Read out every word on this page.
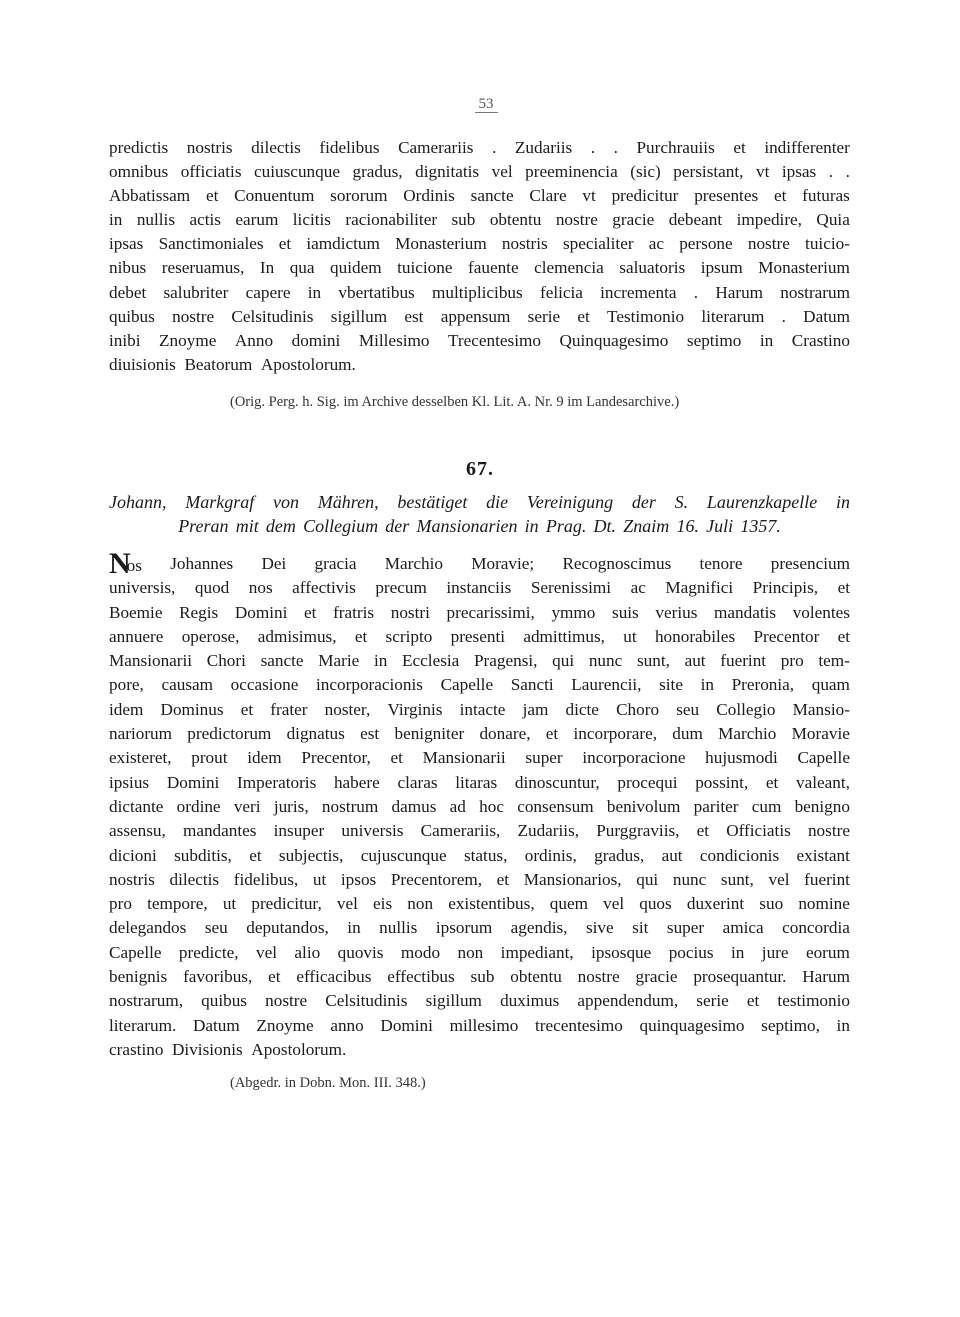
53
predictis nostris dilectis fidelibus Camerariis . Zudariis . . Purchrauiis et indifferenter
omnibus officiatis cuiuscunque gradus, dignitatis vel preeminencia (sic) persistant, vt ipsas . .
Abbatissam et Conuentum sororum Ordinis sancte Clare vt predicitur presentes et futuras
in nullis actis earum licitis racionabiliter sub obtentu nostre gracie debeant impedire, Quia
ipsas Sanctimoniales et iamdictum Monasterium nostris specialiter ac persone nostre tuicio-
nibus reseruamus, In qua quidem tuicione fauente clemencia saluatoris ipsum Monasterium
debet salubriter capere in vbertatibus multiplicibus felicia incrementa . Harum nostrarum
quibus nostre Celsitudinis sigillum est appensum serie et Testimonio literarum . Datum
inibi Znoyme Anno domini Millesimo Trecentesimo Quinquagesimo septimo in Crastino
diuisionis Beatorum Apostolorum.
(Orig. Perg. h. Sig. im Archive desselben Kl. Lit. A. Nr. 9 im Landesarchive.)
67.
Johann, Markgraf von Mähren, bestätiget die Vereinigung der S. Laurenzkapelle in
Preran mit dem Collegium der Mansionarien in Prag. Dt. Znaim 16. Juli 1357.
N
os Johannes Dei gracia Marchio Moravie; Recognoscimus tenore presencium
universis, quod nos affectivis precum instanciis Serenissimi ac Magnifici Principis, et
Boemie Regis Domini et fratris nostri precarissimi, ymmo suis verius mandatis volentes
annuere operose, admisimus, et scripto presenti admittimus, ut honorabiles Precentor et
Mansionarii Chori sancte Marie in Ecclesia Pragensi, qui nunc sunt, aut fuerint pro tem-
pore, causam occasione incorporacionis Capelle Sancti Laurencii, site in Preronia, quam
idem Dominus et frater noster, Virginis intacte jam dicte Choro seu Collegio Mansio-
nariorum predictorum dignatus est benigniter donare, et incorporare, dum Marchio Moravie
existeret, prout idem Precentor, et Mansionarii super incorporacione hujusmodi Capelle
ipsius Domini Imperatoris habere claras litaras dinoscuntur, procequi possint, et valeant,
dictante ordine veri juris, nostrum damus ad hoc consensum benivolum pariter cum benigno
assensu, mandantes insuper universis Camerariis, Zudariis, Purggraviis, et Officiatis nostre
dicioni subditis, et subjectis, cujuscunque status, ordinis, gradus, aut condicionis existant
nostris dilectis fidelibus, ut ipsos Precentorem, et Mansionarios, qui nunc sunt, vel fuerint
pro tempore, ut predicitur, vel eis non existentibus, quem vel quos duxerint suo nomine
delegandos seu deputandos, in nullis ipsorum agendis, sive sit super amica concordia
Capelle predicte, vel alio quovis modo non impediant, ipsosque pocius in jure eorum
benignis favoribus, et efficacibus effectibus sub obtentu nostre gracie prosequantur. Harum
nostrarum, quibus nostre Celsitudinis sigillum duximus appendendum, serie et testimonio
literarum. Datum Znoyme anno Domini millesimo trecentesimo quinquagesimo septimo, in
crastino Divisionis Apostolorum.
(Abgedr. in Dobn. Mon. III. 348.)
